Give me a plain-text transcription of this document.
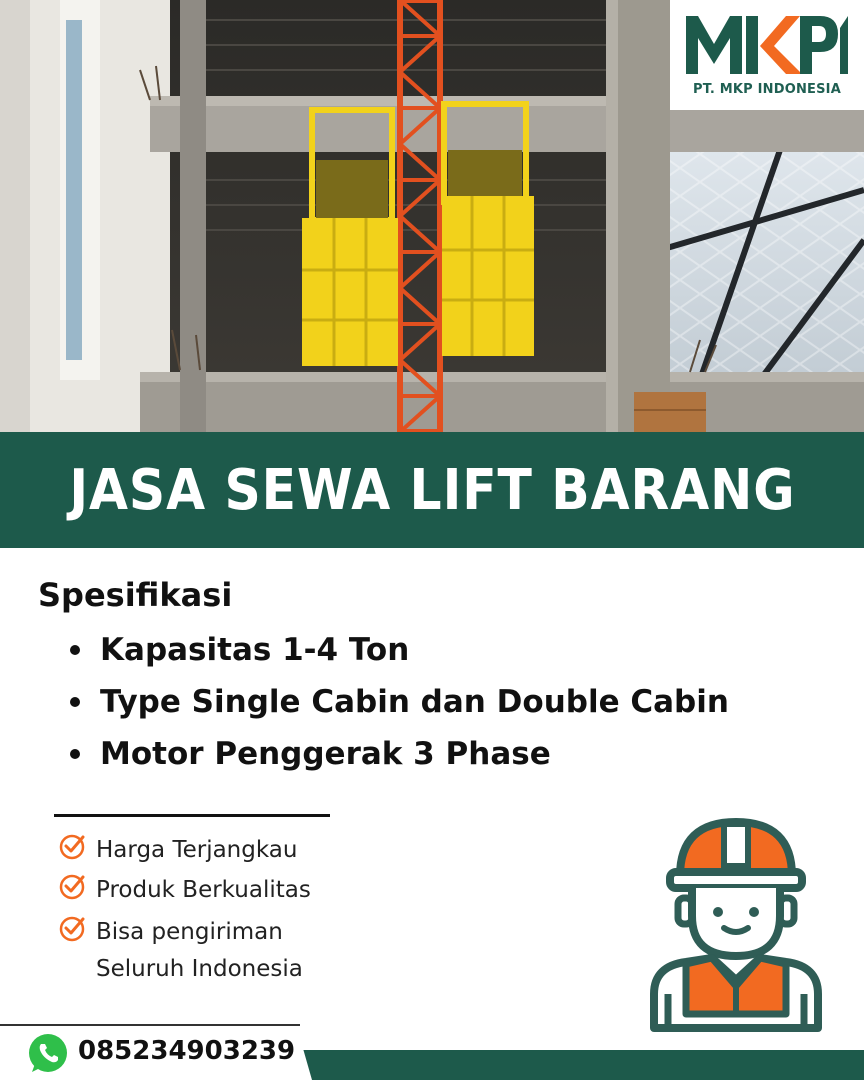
PT. MKP INDONESIA
JASA SEWA LIFT BARANG
Spesifikasi
Kapasitas 1-4 Ton
Type Single Cabin dan Double Cabin
Motor Penggerak 3 Phase
Harga Terjangkau
Produk Berkualitas
Bisa pengiriman
Seluruh Indonesia
085234903239
